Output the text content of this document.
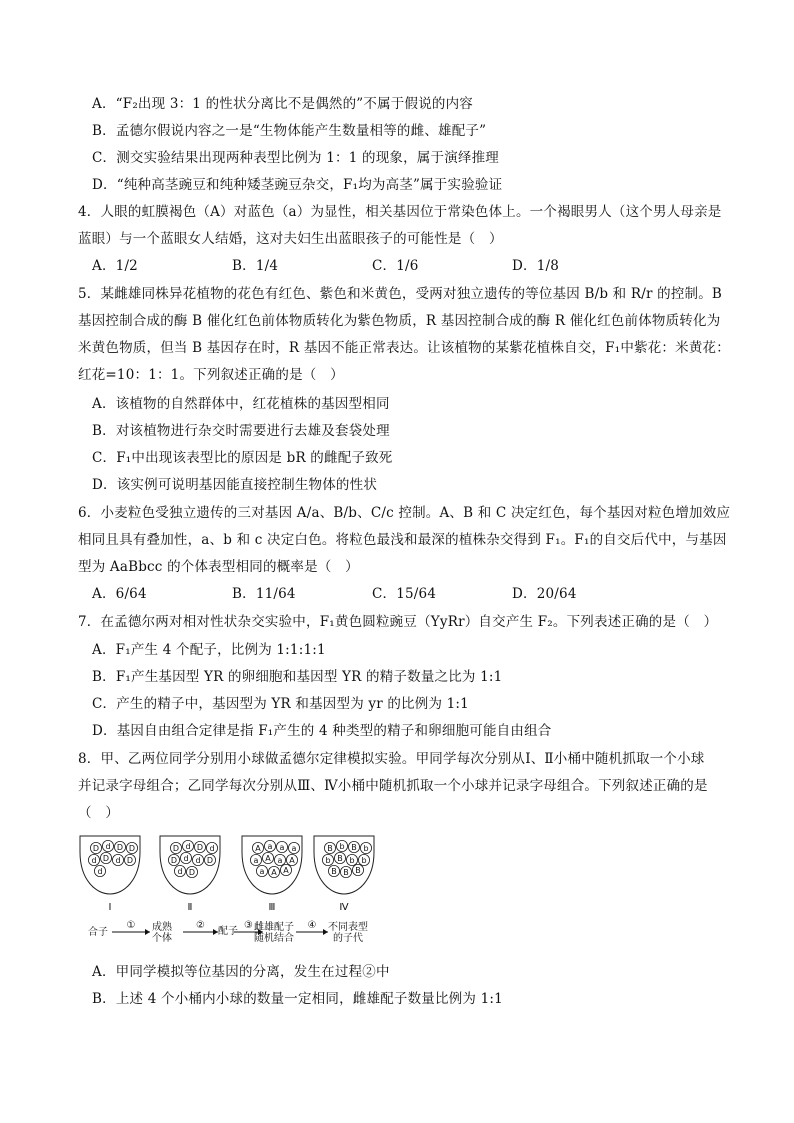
A．“F₂出现 3：1 的性状分离比不是偶然的”不属于假说的内容
B．孟德尔假说内容之一是“生物体能产生数量相等的雌、雄配子”
C．测交实验结果出现两种表型比例为 1：1 的现象，属于演绎推理
D．“纯种高茎豌豆和纯种矮茎豌豆杂交，F₁均为高茎”属于实验验证
4．人眼的虹膜褐色（A）对蓝色（a）为显性，相关基因位于常染色体上。一个褐眼男人（这个男人母亲是
蓝眼）与一个蓝眼女人结婚，这对夫妇生出蓝眼孩子的可能性是（　）
A．1/2	B．1/4	C．1/6	D．1/8
5．某雌雄同株异花植物的花色有红色、紫色和米黄色，受两对独立遗传的等位基因 B/b 和 R/r 的控制。B
基因控制合成的酶 B 催化红色前体物质转化为紫色物质，R 基因控制合成的酶 R 催化红色前体物质转化为
米黄色物质，但当 B 基因存在时，R 基因不能正常表达。让该植物的某紫花植株自交，F₁中紫花：米黄花：
红花=10：1：1。下列叙述正确的是（　）
A．该植物的自然群体中，红花植株的基因型相同
B．对该植物进行杂交时需要进行去雄及套袋处理
C．F₁中出现该表型比的原因是 bR 的雌配子致死
D．该实例可说明基因能直接控制生物体的性状
6．小麦粒色受独立遗传的三对基因 A/a、B/b、C/c 控制。A、B 和 C 决定红色，每个基因对粒色增加效应
相同且具有叠加性，a、b 和 c 决定白色。将粒色最浅和最深的植株杂交得到 F₁。F₁的自交后代中，与基因
型为 AaBbcc 的个体表型相同的概率是（　）
A．6/64	B．11/64	C．15/64	D．20/64
7．在孟德尔两对相对性状杂交实验中，F₁黄色圆粒豌豆（YyRr）自交产生 F₂。下列表述正确的是（　）
A．F₁产生 4 个配子，比例为 1:1:1:1
B．F₁产生基因型 YR 的卵细胞和基因型 YR 的精子数量之比为 1:1
C．产生的精子中，基因型为 YR 和基因型为 yr 的比例为 1:1
D．基因自由组合定律是指 F₁产生的 4 种类型的精子和卵细胞可能自由组合
8．甲、乙两位同学分别用小球做孟德尔定律模拟实验。甲同学每次分别从Ⅰ、Ⅱ小桶中随机抓取一个小球
并记录字母组合；乙同学每次分别从Ⅲ、Ⅳ小桶中随机抓取一个小球并记录字母组合。下列叙述正确的是
（　）
D d D D
d D d D
d
Ⅰ
D d D d
D d d D
d D
Ⅱ
A a a a
a A a A
a A A
Ⅲ
B b B b
b B b b
B B B
Ⅳ
合子
① 成熟
个体
②
配子
③ 雌雄配子
随机结合
④ 不同表型
的子代
A．甲同学模拟等位基因的分离，发生在过程②中
B．上述 4 个小桶内小球的数量一定相同，雌雄配子数量比例为 1:1
